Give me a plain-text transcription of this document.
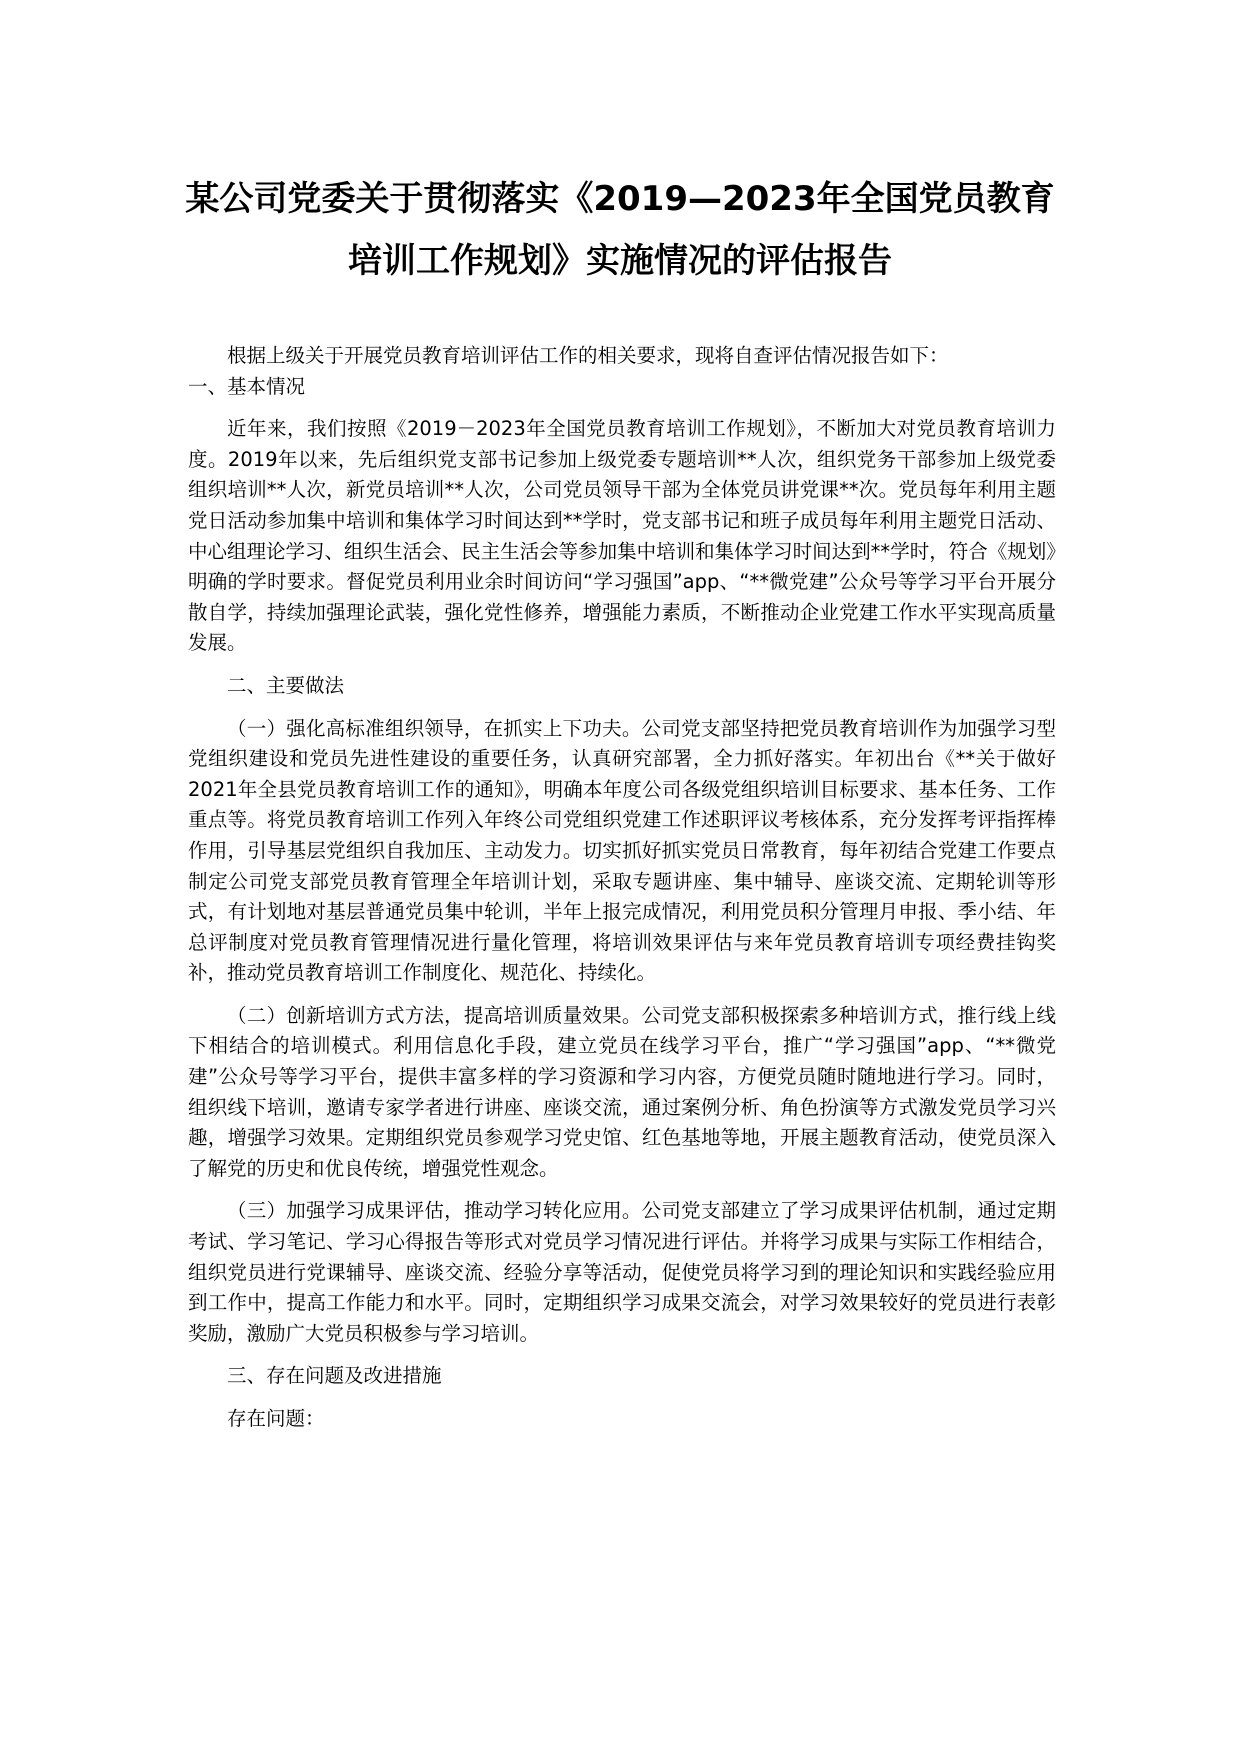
某公司党委关于贯彻落实《2019—2023年全国党员教育培训工作规划》实施情况的评估报告

根据上级关于开展党员教育培训评估工作的相关要求，现将自查评估情况报告如下：

一、基本情况

近年来，我们按照《2019－2023年全国党员教育培训工作规划》，不断加大对党员教育培训力度。2019年以来，先后组织党支部书记参加上级党委专题培训**人次，组织党务干部参加上级党委组织培训**人次，新党员培训**人次，公司党员领导干部为全体党员讲党课**次。党员每年利用主题党日活动参加集中培训和集体学习时间达到**学时，党支部书记和班子成员每年利用主题党日活动、中心组理论学习、组织生活会、民主生活会等参加集中培训和集体学习时间达到**学时，符合《规划》明确的学时要求。督促党员利用业余时间访问“学习强国”app、“**微党建”公众号等学习平台开展分散自学，持续加强理论武装，强化党性修养，增强能力素质，不断推动企业党建工作水平实现高质量发展。

二、主要做法

（一）强化高标准组织领导，在抓实上下功夫。公司党支部坚持把党员教育培训作为加强学习型党组织建设和党员先进性建设的重要任务，认真研究部署，全力抓好落实。年初出台《**关于做好2021年全县党员教育培训工作的通知》，明确本年度公司各级党组织培训目标要求、基本任务、工作重点等。将党员教育培训工作列入年终公司党组织党建工作述职评议考核体系，充分发挥考评指挥棒作用，引导基层党组织自我加压、主动发力。切实抓好抓实党员日常教育，每年初结合党建工作要点制定公司党支部党员教育管理全年培训计划，采取专题讲座、集中辅导、座谈交流、定期轮训等形式，有计划地对基层普通党员集中轮训，半年上报完成情况，利用党员积分管理月申报、季小结、年总评制度对党员教育管理情况进行量化管理，将培训效果评估与来年党员教育培训专项经费挂钩奖补，推动党员教育培训工作制度化、规范化、持续化。

（二）创新培训方式方法，提高培训质量效果。公司党支部积极探索多种培训方式，推行线上线下相结合的培训模式。利用信息化手段，建立党员在线学习平台，推广“学习强国”app、“**微党建”公众号等学习平台，提供丰富多样的学习资源和学习内容，方便党员随时随地进行学习。同时，组织线下培训，邀请专家学者进行讲座、座谈交流，通过案例分析、角色扮演等方式激发党员学习兴趣，增强学习效果。定期组织党员参观学习党史馆、红色基地等地，开展主题教育活动，使党员深入了解党的历史和优良传统，增强党性观念。

（三）加强学习成果评估，推动学习转化应用。公司党支部建立了学习成果评估机制，通过定期考试、学习笔记、学习心得报告等形式对党员学习情况进行评估。并将学习成果与实际工作相结合，组织党员进行党课辅导、座谈交流、经验分享等活动，促使党员将学习到的理论知识和实践经验应用到工作中，提高工作能力和水平。同时，定期组织学习成果交流会，对学习效果较好的党员进行表彰奖励，激励广大党员积极参与学习培训。

三、存在问题及改进措施

存在问题：
